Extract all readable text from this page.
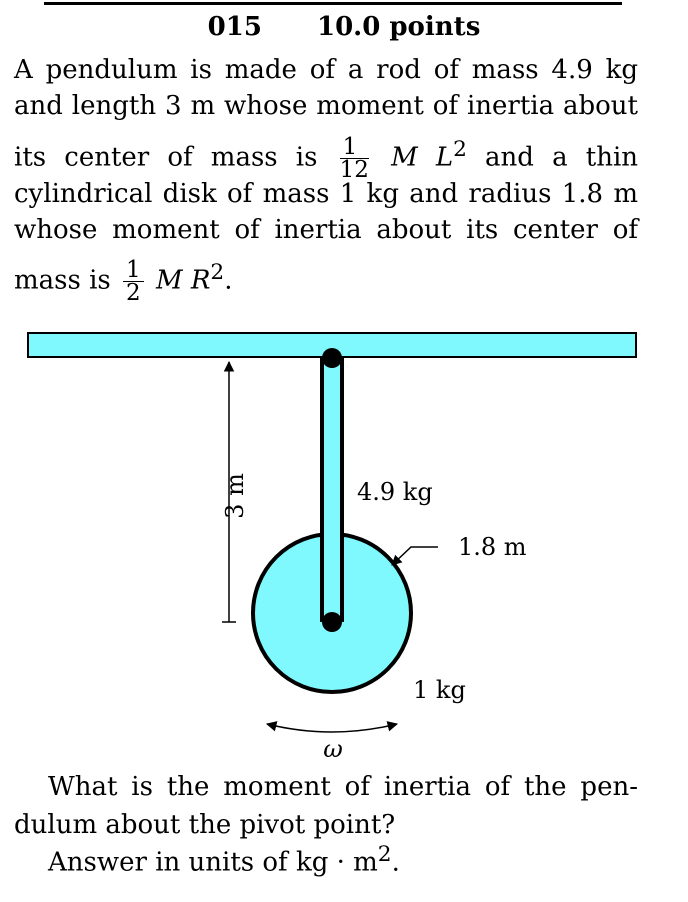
015 10.0 points
A pendulum is made of a rod of mass 4.9 kg
and length 3 m whose moment of inertia about
its center of mass is $\frac{1}{12}$ M $L^2$ and a thin
cylindrical disk of mass 1 kg and radius 1.8 m
whose moment of inertia about its center of
mass is $\frac{1}{2}$ M $R^2$.
3 m	4.9 kg
1.8 m
1 kg
ω
What is the moment of inertia of the pen-
dulum about the pivot point?
Answer in units of kg · $m^2$.
